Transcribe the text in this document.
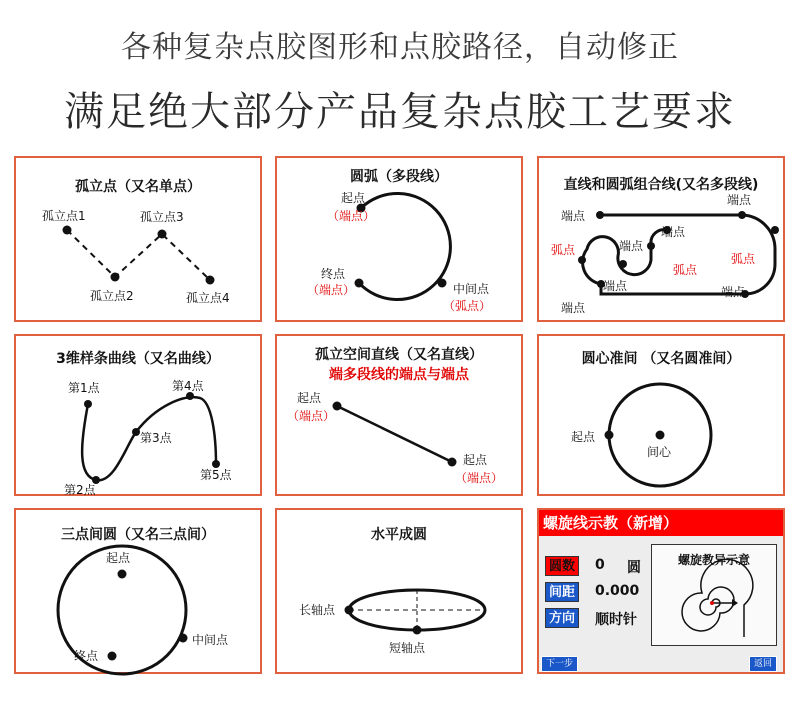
各种复杂点胶图形和点胶路径，自动修正
满足绝大部分产品复杂点胶工艺要求
孤立点（又名单点）
孤立点1	孤立点3
孤立点2	孤立点4
圆弧（多段线）
起点
（端点）
终点
（端点）	中间点
（弧点）
直线和圆弧组合线(又名多段线)
端点
端点
端点
弧点
弧点
弧点
端点
端点	端点
端点
3维样条曲线（又名曲线）
第1点	第4点
第3点
第2点
第5点
孤立空间直线（又名直线）
端多段线的端点与端点
起点
（端点）
起点
（端点）
圆心准间 （又名圆准间）
起点
间心
三点间圆（又名三点间）
起点
中间点
终点
水平成圆
长轴点
短轴点
螺旋线示教（新增）
圆数 0 圆
间距 0.000
方向 顺时针
螺旋教异示意
下一步	返回
